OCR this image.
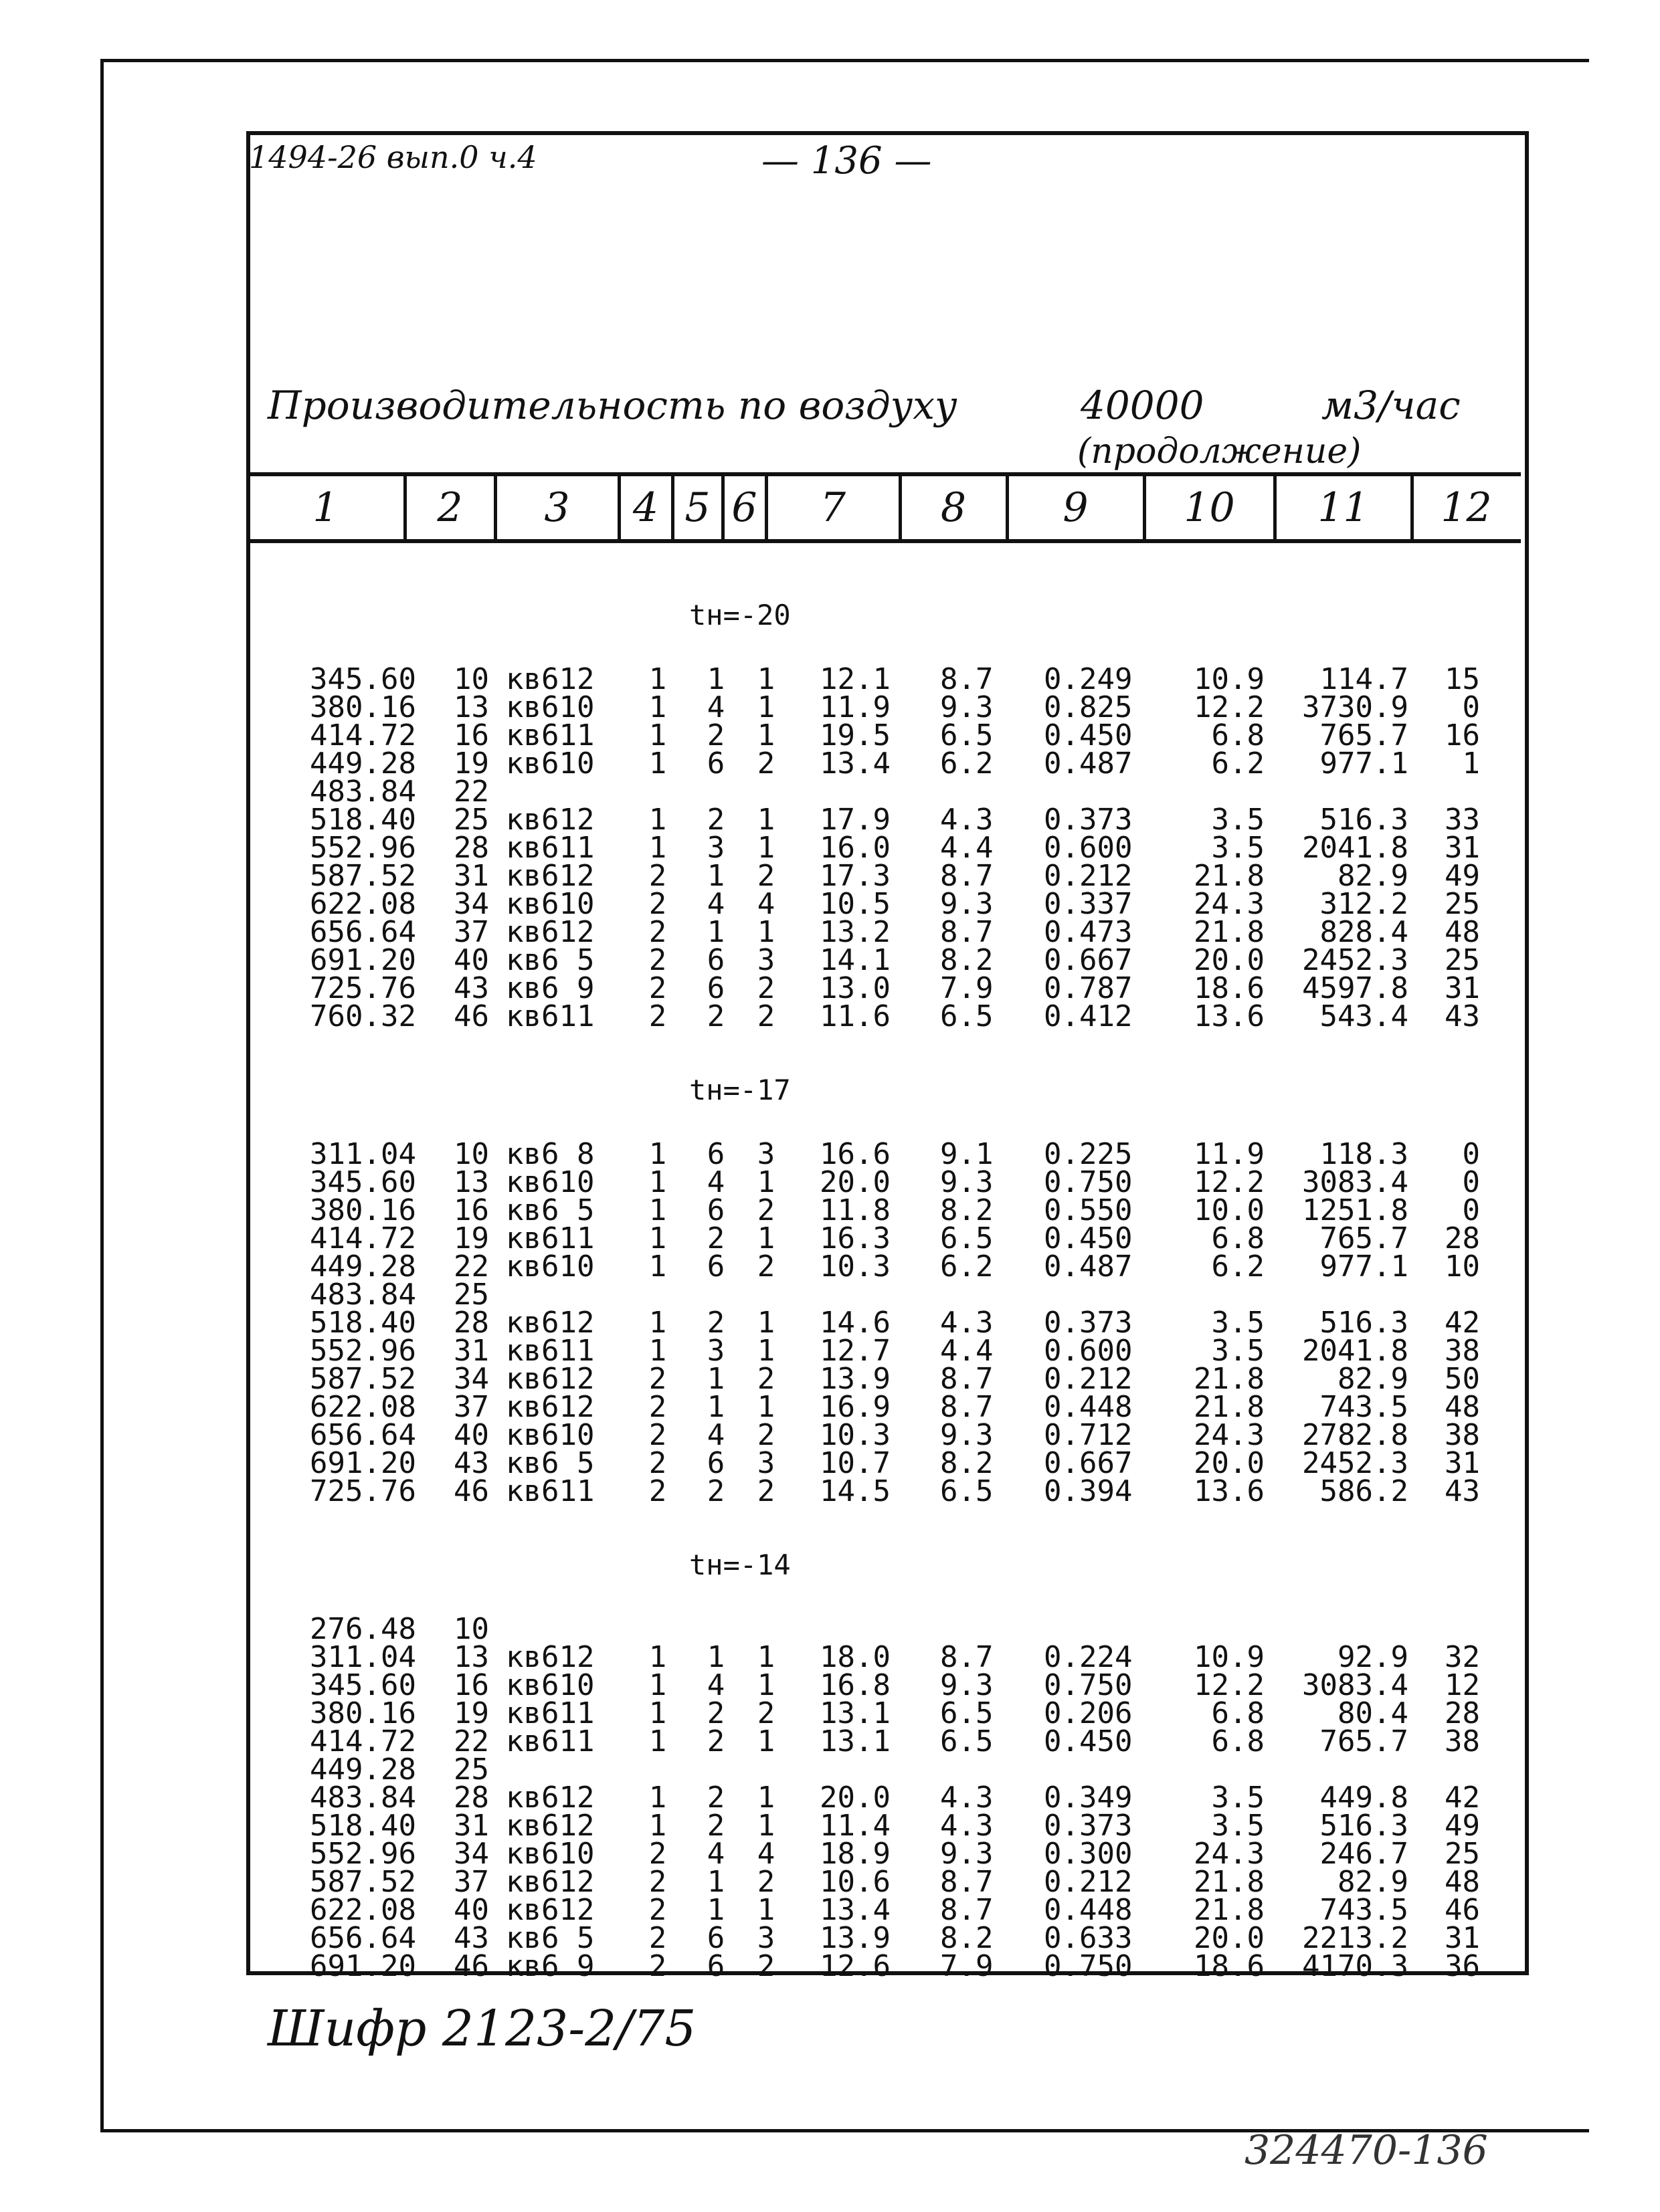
1494-26 вып.0 ч.4	— 136 —
Производительность по воздуху	40000	м3/час
(продолжение)
1	2	3	4 5 6	7	8	9	10	11	12
tн=-20
345.60 10 кв612 1 1 1 12.1 8.7 0.249 10.9 114.7 15
380.16 13 кв610 1 4 1 11.9 9.3 0.825 12.2 3730.9 0
414.72 16 кв611 1 2 1 19.5 6.5 0.450	6.8 765.7 16
449.28 19 кв610 1 6 2 13.4 6.2 0.487	6.2 977.1 1
483.84 22
518.40 25 кв612 1 2 1 17.9 4.3 0.373	3.5 516.3 33
552.96 28 кв611 1 3 1 16.0 4.4 0.600	3.5 2041.8 31
587.52 31 кв612 2 1 2 17.3 8.7 0.212 21.8 82.9 49
622.08 34 кв610 2 4 4 10.5 9.3 0.337 24.3 312.2 25
656.64 37 кв612 2 1 1 13.2 8.7 0.473 21.8 828.4 48
691.20 40 кв6 5 2 6 3 14.1 8.2 0.667 20.0 2452.3 25
725.76 43 кв6 9 2 6 2 13.0 7.9 0.787 18.6 4597.8 31
760.32 46 кв611 2 2 2 11.6 6.5 0.412 13.6 543.4 43
tн=-17
311.04 10 кв6 8 1 6 3 16.6 9.1 0.225 11.9 118.3 0
345.60 13 кв610 1 4 1 20.0 9.3 0.750 12.2 3083.4 0
380.16 16 кв6 5 1 6 2 11.8 8.2 0.550 10.0 1251.8 0
414.72 19 кв611 1 2 1 16.3 6.5 0.450	6.8 765.7 28
449.28 22 кв610 1 6 2 10.3 6.2 0.487	6.2 977.1 10
483.84 25
518.40 28 кв612 1 2 1 14.6 4.3 0.373	3.5 516.3 42
552.96 31 кв611 1 3 1 12.7 4.4 0.600	3.5 2041.8 38
587.52 34 кв612 2 1 2 13.9 8.7 0.212 21.8 82.9 50
622.08 37 кв612 2 1 1 16.9 8.7 0.448 21.8 743.5 48
656.64 40 кв610 2 4 2 10.3 9.3 0.712 24.3 2782.8 38
691.20 43 кв6 5 2 6 3 10.7 8.2 0.667 20.0 2452.3 31
725.76 46 кв611 2 2 2 14.5 6.5 0.394 13.6 586.2 43
tн=-14
276.48 10
311.04 13 кв612 1 1 1 18.0 8.7 0.224 10.9 92.9 32
345.60 16 кв610 1 4 1 16.8 9.3 0.750 12.2 3083.4 12
380.16 19 кв611 1 2 2 13.1 6.5 0.206	6.8 80.4 28
414.72 22 кв611 1 2 1 13.1 6.5 0.450	6.8 765.7 38
449.28 25
483.84 28 кв612 1 2 1 20.0 4.3 0.349	3.5 449.8 42
518.40 31 кв612 1 2 1 11.4 4.3 0.373	3.5 516.3 49
552.96 34 кв610 2 4 4 18.9 9.3 0.300 24.3 246.7 25
587.52 37 кв612 2 1 2 10.6 8.7 0.212 21.8 82.9 48
622.08 40 кв612 2 1 1 13.4 8.7 0.448 21.8 743.5 46
656.64 43 кв6 5 2 6 3 13.9 8.2 0.633 20.0 2213.2 31
691.20 46 кв6 9 2 6 2 12.6 7.9 0.750 18.6 4170.3 36
Шифр 2123-2/75
324470-136
